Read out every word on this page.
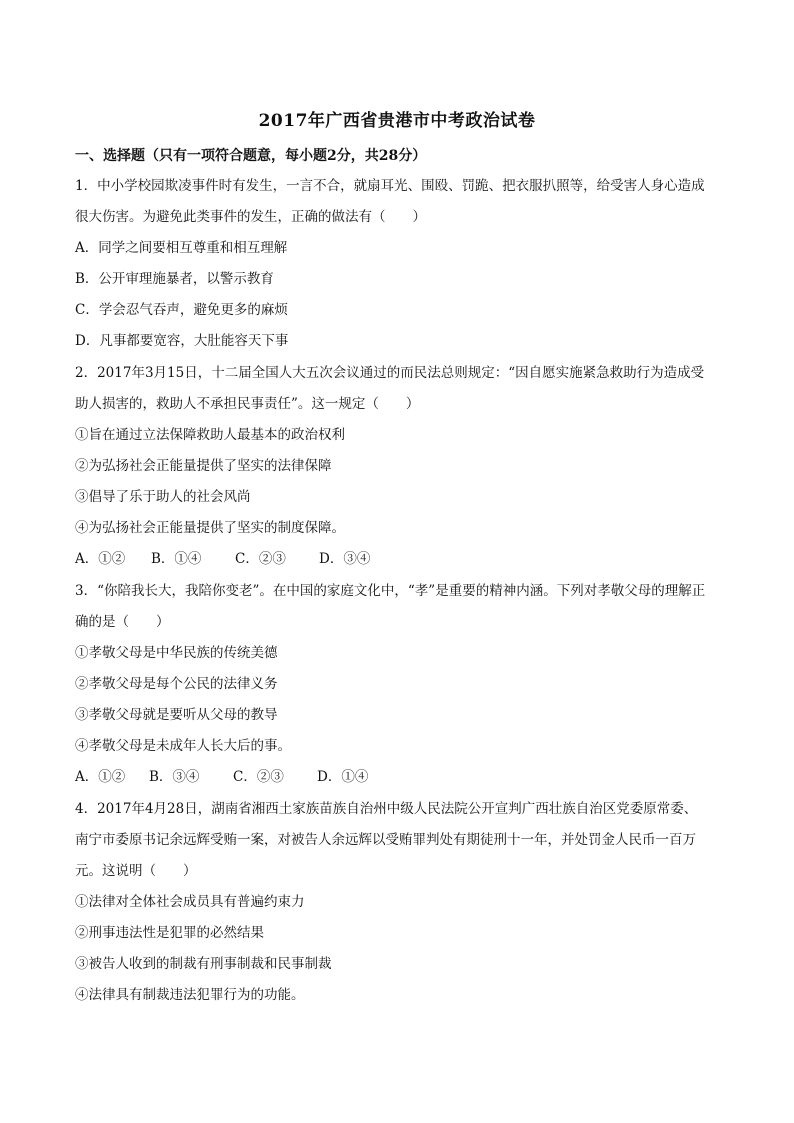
2017年广西省贵港市中考政治试卷
一、选择题（只有一项符合题意，每小题2分，共28分）
1．中小学校园欺凌事件时有发生，一言不合，就扇耳光、围殴、罚跪、把衣服扒照等，给受害人身心造成
很大伤害。为避免此类事件的发生，正确的做法有（　　）
A．同学之间要相互尊重和相互理解
B．公开审理施暴者，以警示教育
C．学会忍气吞声，避免更多的麻烦
D．凡事都要宽容，大肚能容天下事
2．2017年3月15日，十二届全国人大五次会议通过的而民法总则规定：“因自愿实施紧急救助行为造成受
助人损害的，救助人不承担民事责任”。这一规定（　　）
①旨在通过立法保障救助人最基本的政治权利
②为弘扬社会正能量提供了坚实的法律保障
③倡导了乐于助人的社会风尚
④为弘扬社会正能量提供了坚实的制度保障。
A．①② B．①④ C．②③ D．③④
3．“你陪我长大，我陪你变老”。在中国的家庭文化中，“孝”是重要的精神内涵。下列对孝敬父母的理解正
确的是（　　）
①孝敬父母是中华民族的传统美德
②孝敬父母是每个公民的法律义务
③孝敬父母就是要听从父母的教导
④孝敬父母是未成年人长大后的事。
A．①② B．③④ C．②③ D．①④
4．2017年4月28日，湖南省湘西土家族苗族自治州中级人民法院公开宣判广西壮族自治区党委原常委、
南宁市委原书记余远辉受贿一案，对被告人余远辉以受贿罪判处有期徒刑十一年，并处罚金人民币一百万
元。这说明（　　）
①法律对全体社会成员具有普遍约束力
②刑事违法性是犯罪的必然结果
③被告人收到的制裁有刑事制裁和民事制裁
④法律具有制裁违法犯罪行为的功能。
